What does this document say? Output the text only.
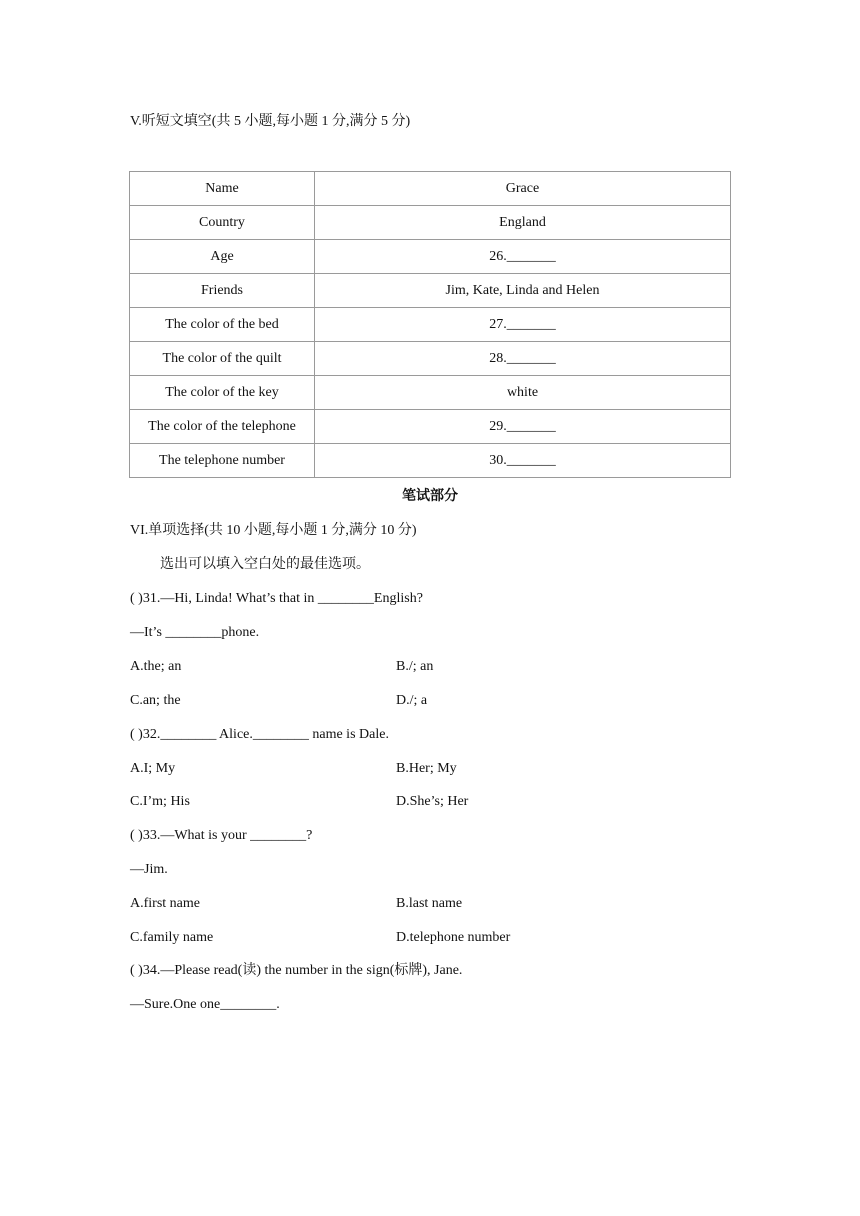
V.听短文填空(共 5 小题,每小题 1 分,满分 5 分)
Name	Grace
Country	England
Age	26._______
Friends	Jim, Kate, Linda and Helen
The color of the bed	27._______
The color of the quilt	28._______
The color of the key	white
The color of the telephone	29._______
The telephone number	30._______
笔试部分
VI.单项选择(共 10 小题,每小题 1 分,满分 10 分)
选出可以填入空白处的最佳选项。
( )31.—Hi, Linda! What’s that in ________English?
—It’s ________phone.
A.the; an	B./; an
C.an; the	D./; a
( )32.________ Alice.________ name is Dale.
A.I; My	B.Her; My
C.I’m; His	D.She’s; Her
( )33.—What is your ________?
—Jim.
A.first name	B.last name
C.family name	D.telephone number
( )34.—Please read(读) the number in the sign(标牌), Jane.
—Sure.One one________.
